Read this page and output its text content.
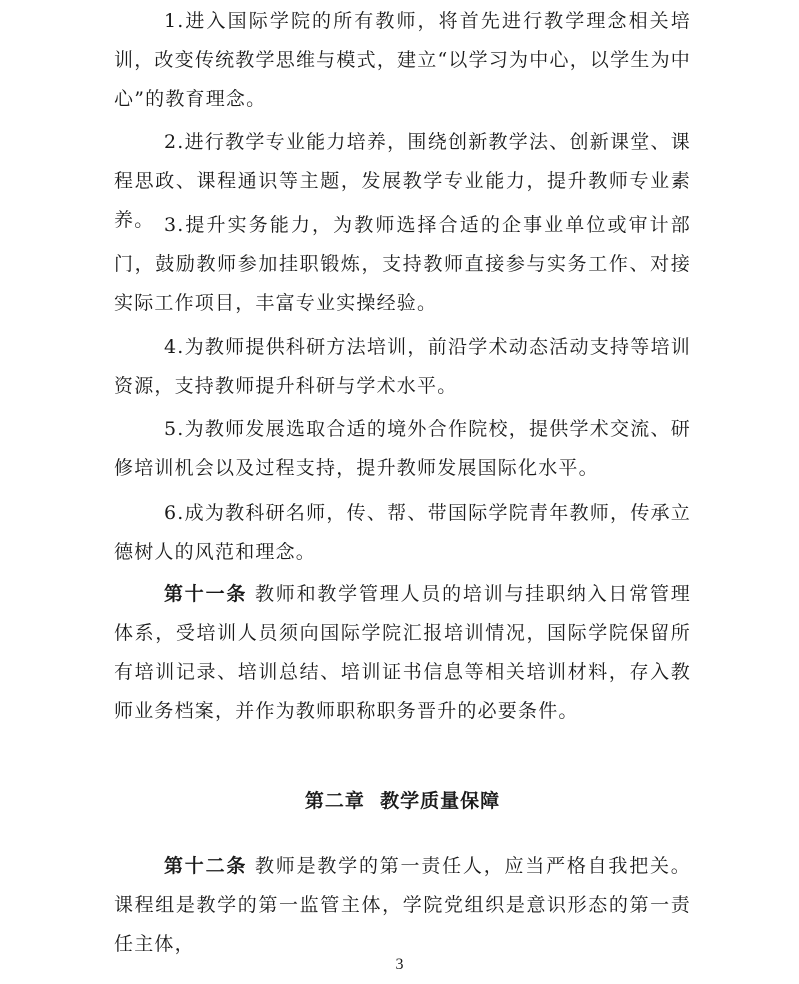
1.进入国际学院的所有教师，将首先进行教学理念相关培训，改变传统教学思维与模式，建立“以学习为中心，以学生为中心”的教育理念。

2.进行教学专业能力培养，围绕创新教学法、创新课堂、课程思政、课程通识等主题，发展教学专业能力，提升教师专业素养。 3.提升实务能力，为教师选择合适的企事业单位或审计部门，鼓励教师参加挂职锻炼，支持教师直接参与实务工作、对接实际工作项目，丰富专业实操经验。

4.为教师提供科研方法培训，前沿学术动态活动支持等培训资源，支持教师提升科研与学术水平。

5.为教师发展选取合适的境外合作院校，提供学术交流、研修培训机会以及过程支持，提升教师发展国际化水平。

6.成为教科研名师，传、帮、带国际学院青年教师，传承立德树人的风范和理念。

第十一条 教师和教学管理人员的培训与挂职纳入日常管理体系，受培训人员须向国际学院汇报培训情况，国际学院保留所有培训记录、培训总结、培训证书信息等相关培训材料，存入教师业务档案，并作为教师职称职务晋升的必要条件。

第二章  教学质量保障

第十二条 教师是教学的第一责任人，应当严格自我把关。课程组是教学的第一监管主体，学院党组织是意识形态的第一责任主体，

3
